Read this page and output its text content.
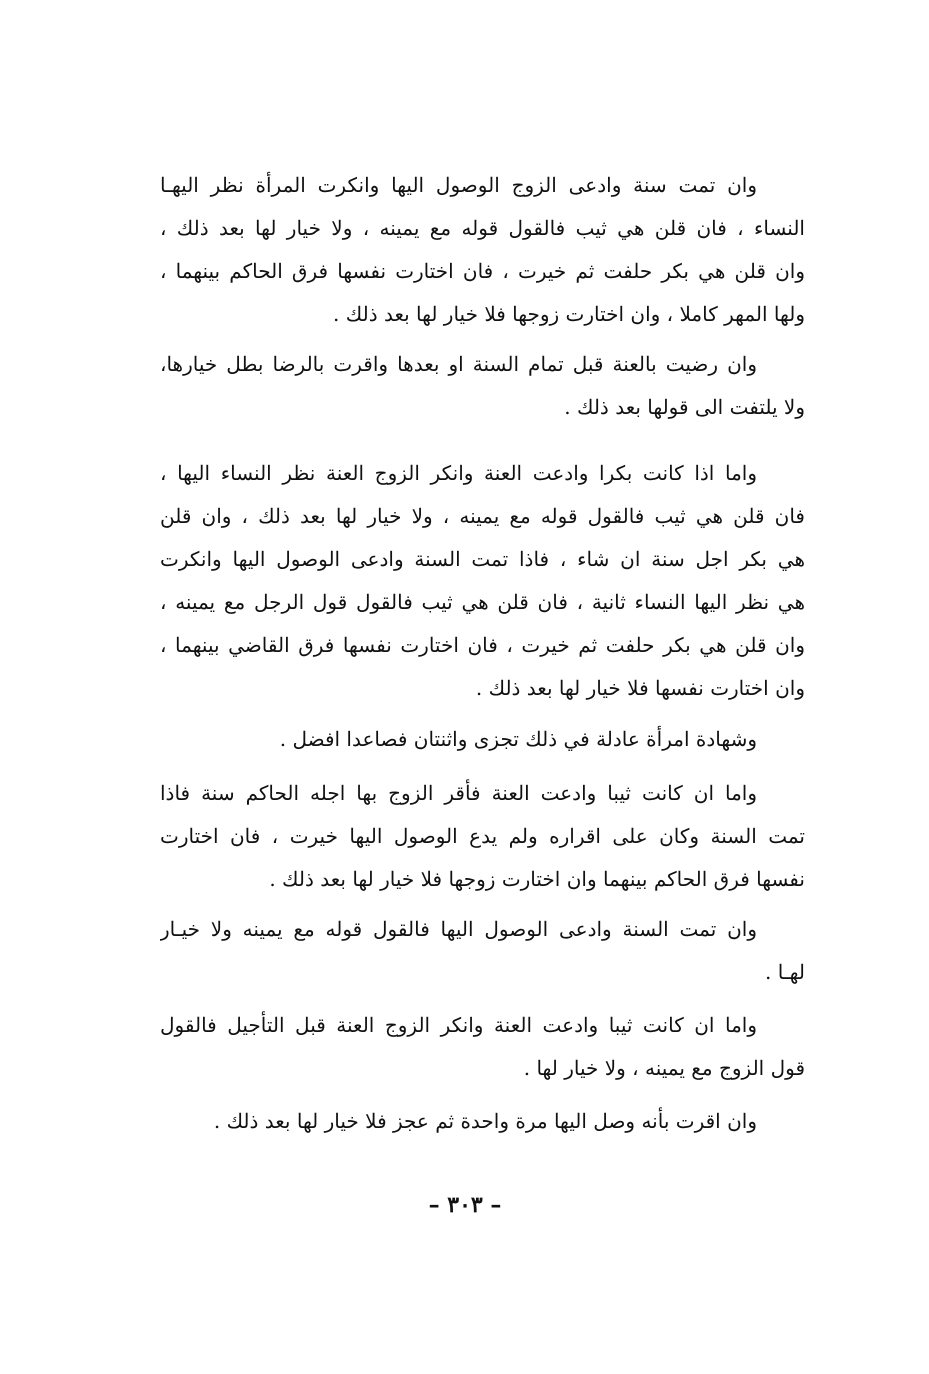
وان تمت سنة وادعى الزوج الوصول اليها وانكرت المرأة نظر اليهـا
النساء ، فان قلن هي ثيب فالقول قوله مع يمينه ، ولا خيار لها بعد ذلك ،
وان قلن هي بكر حلفت ثم خيرت ، فان اختارت نفسها فرق الحاكم بينهما ،
ولها المهر كاملا ، وان اختارت زوجها فلا خيار لها بعد ذلك .
وان رضيت بالعنة قبل تمام السنة او بعدها واقرت بالرضا بطل خيارها،
ولا يلتفت الى قولها بعد ذلك .
واما اذا كانت بكرا وادعت العنة وانكر الزوج العنة نظر النساء اليها ،
فان قلن هي ثيب فالقول قوله مع يمينه ، ولا خيار لها بعد ذلك ، وان قلن
هي بكر اجل سنة ان شاء ، فاذا تمت السنة وادعى الوصول اليها وانكرت
هي نظر اليها النساء ثانية ، فان قلن هي ثيب فالقول قول الرجل مع يمينه ،
وان قلن هي بكر حلفت ثم خيرت ، فان اختارت نفسها فرق القاضي بينهما ،
وان اختارت نفسها فلا خيار لها بعد ذلك .
وشهادة امرأة عادلة في ذلك تجزى واثنتان فصاعدا افضل .
واما ان كانت ثيبا وادعت العنة فأقر الزوج بها اجله الحاكم سنة فاذا
تمت السنة وكان على اقراره ولم يدع الوصول اليها خيرت ، فان اختارت
نفسها فرق الحاكم بينهما وان اختارت زوجها فلا خيار لها بعد ذلك .
وان تمت السنة وادعى الوصول اليها فالقول قوله مع يمينه ولا خيـار
لهـا .
واما ان كانت ثيبا وادعت العنة وانكر الزوج العنة قبل التأجيل فالقول
قول الزوج مع يمينه ، ولا خيار لها .
وان اقرت بأنه وصل اليها مرة واحدة ثم عجز فلا خيار لها بعد ذلك .
– ٣٠٣ –
